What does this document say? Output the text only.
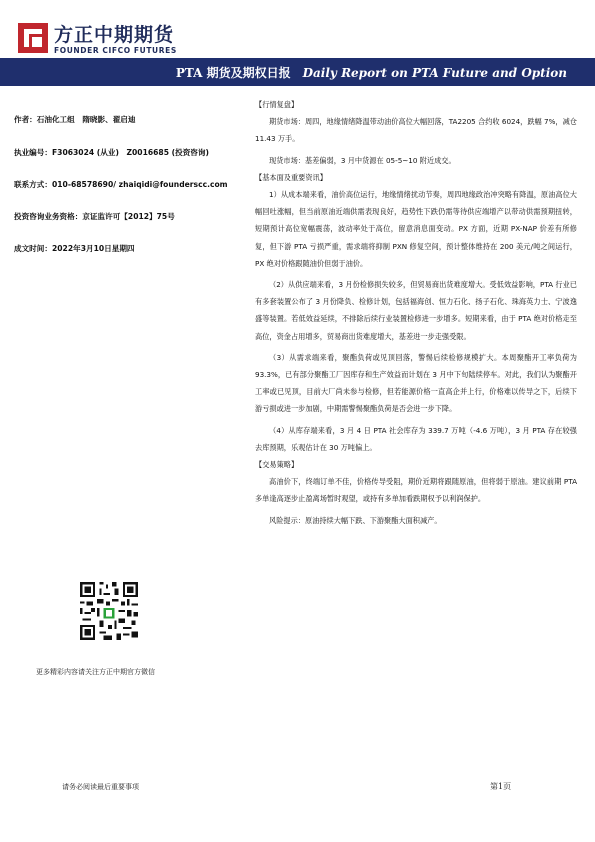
方正中期期货
FOUNDER CIFCO FUTURES
PTA 期货及期权日报 Daily Report on PTA Future and Option
作者：石油化工组　隋晓影、翟启迪
执业编号：F3063024 (从业)　Z0016685 (投资咨询)
联系方式：010-68578690/ zhaiqidi@founderscc.com
投资咨询业务资格：京证监许可【2012】75号
成文时间：2022年3月10日星期四
更多精彩内容请关注方正中期官方微信

【行情复盘】

期货市场：周四，地缘情绪降温带动油价高位大幅回落，TA2205 合约收 6024，跌幅 7%，减仓 11.43 万手。

现货市场：基差偏弱，3 月中货源在 05-5~10 附近成交。

【基本面及重要资讯】

1）从成本端来看，油价高位运行，地缘情绪扰动节奏，周四地缘政治冲突略有降温，原油高位大幅回吐涨幅，但当前原油近端供需表现良好，趋势性下跌仍需等待供应端增产以带动供需预期扭转，短期预计高位宽幅震荡，波动率处于高位，留意消息面变动。PX 方面，近期 PX-NAP 价差有所修复，但下游 PTA 亏损严重，需求端将抑制 PXN 修复空间，预计整体维持在 200 美元/吨之间运行，PX 绝对价格跟随油价但弱于油价。

（2）从供应端来看，3 月份检修损失较多，但贸易商出货难度增大。受低效益影响，PTA 行业已有多套装置公布了 3 月份降负、检修计划，包括福海创、恒力石化、扬子石化、珠海英力士、宁波逸盛等装置。若低效益延续，不排除后续行业装置检修进一步增多。短期来看，由于 PTA 绝对价格走至高位，资金占用增多，贸易商出货难度增大，基差进一步走强受限。

（3）从需求端来看，聚酯负荷或见顶回落，警惕后续检修规模扩大。本周聚酯开工率负荷为 93.3%，已有部分聚酯工厂因库存和生产效益而计划在 3 月中下旬陆续停车。对此，我们认为聚酯开工率或已见顶，目前大厂尚未参与检修，但若能源价格一直高企并上行，价格难以传导之下，后续下游亏损或进一步加剧，中期需警惕聚酯负荷是否会进一步下降。

（4）从库存端来看，3 月 4 日 PTA 社会库存为 339.7 万吨（-4.6 万吨），3 月 PTA 存在较强去库预期，乐观估计在 30 万吨偏上。

【交易策略】

高油价下，终端订单不佳，价格传导受阻，期价近期将跟随原油，但将弱于原油。建议前期 PTA 多单逢高逐步止盈离场暂时观望，或持有多单加看跌期权予以利润保护。

风险提示：原油持续大幅下跌、下游聚酯大面积减产。

请务必阅读最后重要事项	第1页
